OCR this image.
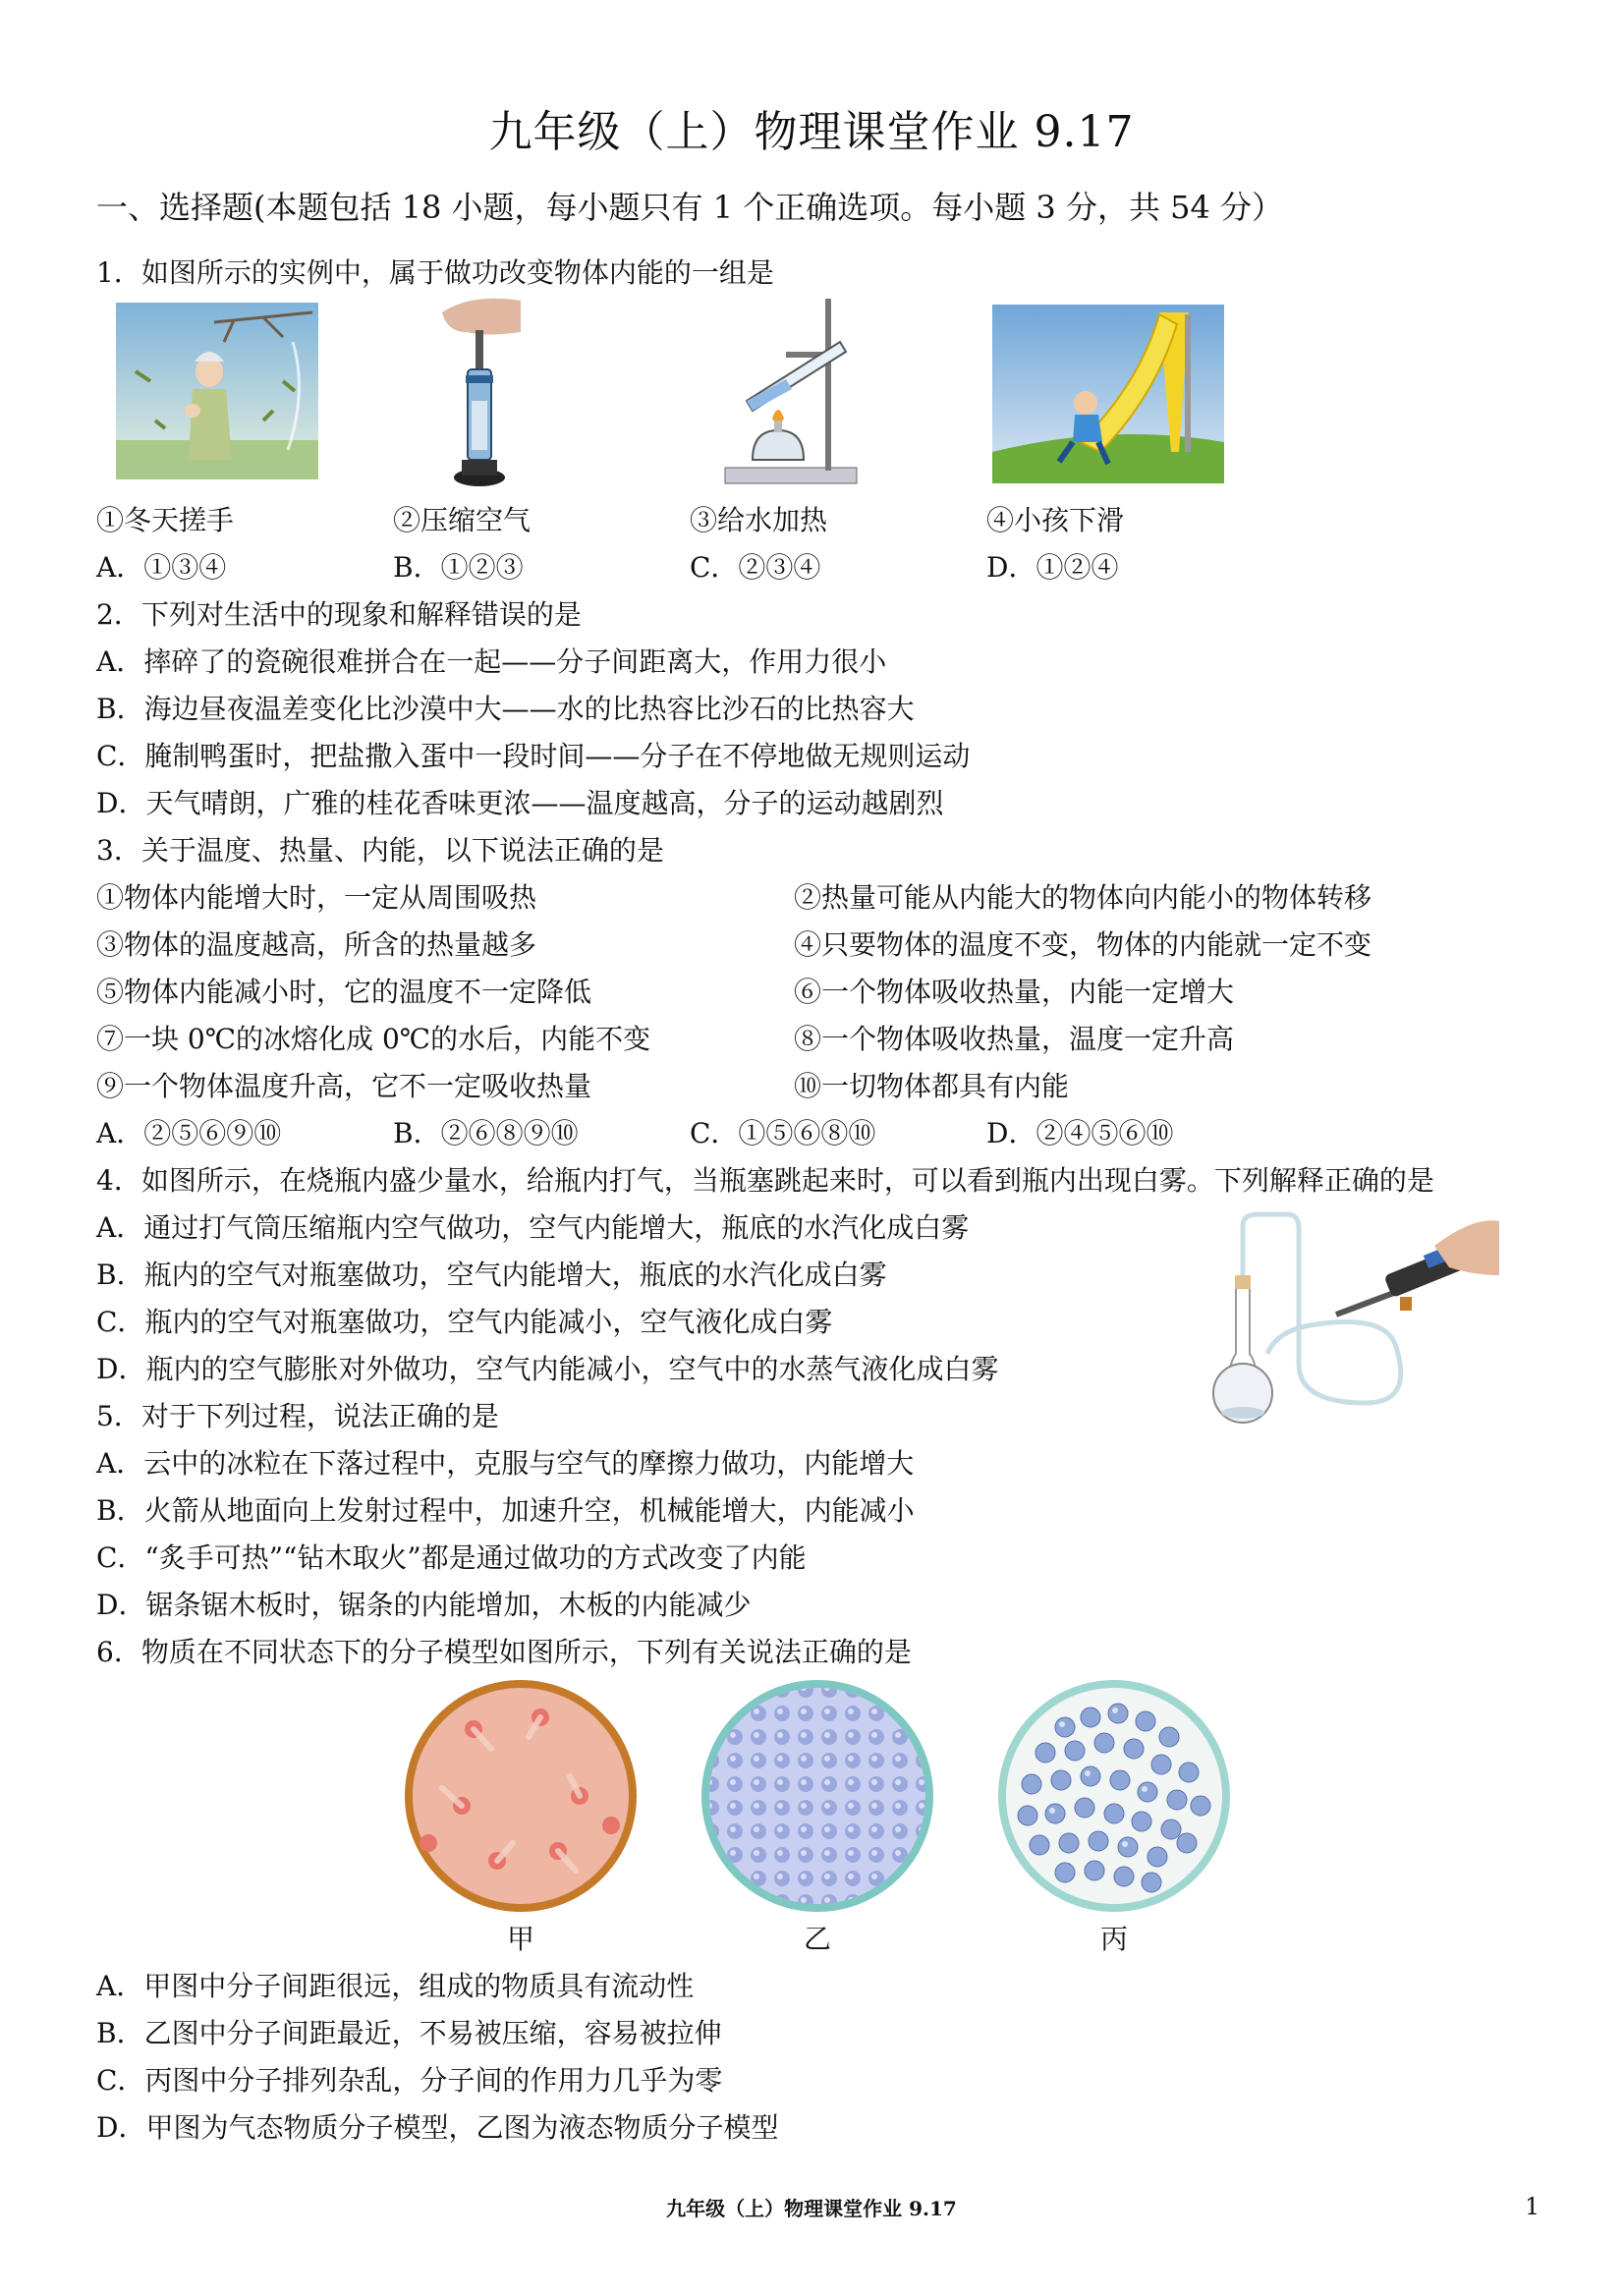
九年级（上）物理课堂作业 9.17
一、选择题(本题包括 18 小题，每小题只有 1 个正确选项。每小题 3 分，共 54 分）
1．如图所示的实例中，属于做功改变物体内能的一组是
①冬天搓手	②压缩空气	③给水加热	④小孩下滑
A．①③④	B．①②③	C．②③④	D．①②④
2．下列对生活中的现象和解释错误的是
A．摔碎了的瓷碗很难拼合在一起——分子间距离大，作用力很小
B．海边昼夜温差变化比沙漠中大——水的比热容比沙石的比热容大
C．腌制鸭蛋时，把盐撒入蛋中一段时间——分子在不停地做无规则运动
D．天气晴朗，广雅的桂花香味更浓——温度越高，分子的运动越剧烈
3．关于温度、热量、内能，以下说法正确的是
①物体内能增大时，一定从周围吸热	②热量可能从内能大的物体向内能小的物体转移
③物体的温度越高，所含的热量越多	④只要物体的温度不变，物体的内能就一定不变
⑤物体内能减小时，它的温度不一定降低	⑥一个物体吸收热量，内能一定增大
⑦一块 0℃的冰熔化成 0℃的水后，内能不变	⑧一个物体吸收热量，温度一定升高
⑨一个物体温度升高，它不一定吸收热量	⑩一切物体都具有内能
A．②⑤⑥⑨⑩	B．②⑥⑧⑨⑩	C．①⑤⑥⑧⑩	D．②④⑤⑥⑩
4．如图所示，在烧瓶内盛少量水，给瓶内打气，当瓶塞跳起来时，可以看到瓶内出现白雾。下列解释正确的是
A．通过打气筒压缩瓶内空气做功，空气内能增大，瓶底的水汽化成白雾
B．瓶内的空气对瓶塞做功，空气内能增大，瓶底的水汽化成白雾
C．瓶内的空气对瓶塞做功，空气内能减小，空气液化成白雾
D．瓶内的空气膨胀对外做功，空气内能减小，空气中的水蒸气液化成白雾
5．对于下列过程，说法正确的是
A．云中的冰粒在下落过程中，克服与空气的摩擦力做功，内能增大
B．火箭从地面向上发射过程中，加速升空，机械能增大，内能减小
C．“炙手可热”“钻木取火”都是通过做功的方式改变了内能
D．锯条锯木板时，锯条的内能增加，木板的内能减少
6．物质在不同状态下的分子模型如图所示，下列有关说法正确的是
甲	乙	丙
A．甲图中分子间距很远，组成的物质具有流动性
B．乙图中分子间距最近，不易被压缩，容易被拉伸
C．丙图中分子排列杂乱，分子间的作用力几乎为零
D．甲图为气态物质分子模型，乙图为液态物质分子模型
九年级（上）物理课堂作业 9.17	1
